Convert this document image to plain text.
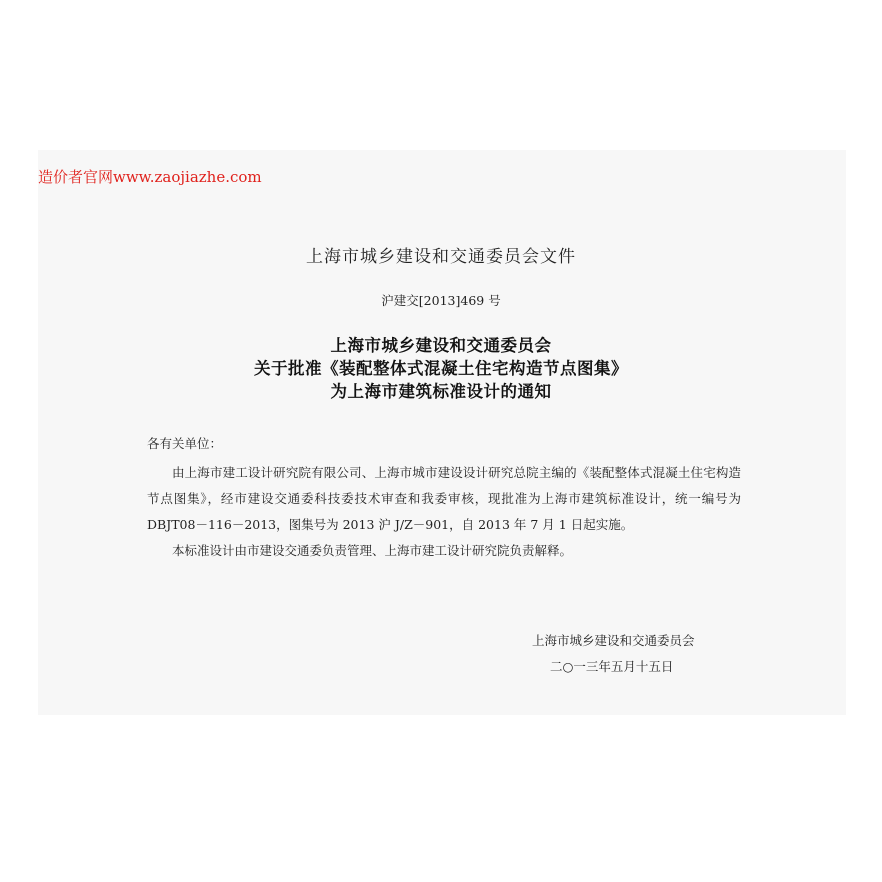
造价者官网www.zaojiazhe.com
上海市城乡建设和交通委员会文件
沪建交[2013]469 号
上海市城乡建设和交通委员会
关于批准《装配整体式混凝土住宅构造节点图集》
为上海市建筑标准设计的通知
各有关单位：

由上海市建工设计研究院有限公司、上海市城市建设设计研究总院主编的《装配整体式混凝土住宅构造节点图集》，经市建设交通委科技委技术审查和我委审核，现批准为上海市建筑标准设计，统一编号为 DBJT08－116－2013，图集号为 2013 沪 J/Z－901，自 2013 年 7 月 1 日起实施。

本标准设计由市建设交通委负责管理、上海市建工设计研究院负责解释。

上海市城乡建设和交通委员会
二○一三年五月十五日
